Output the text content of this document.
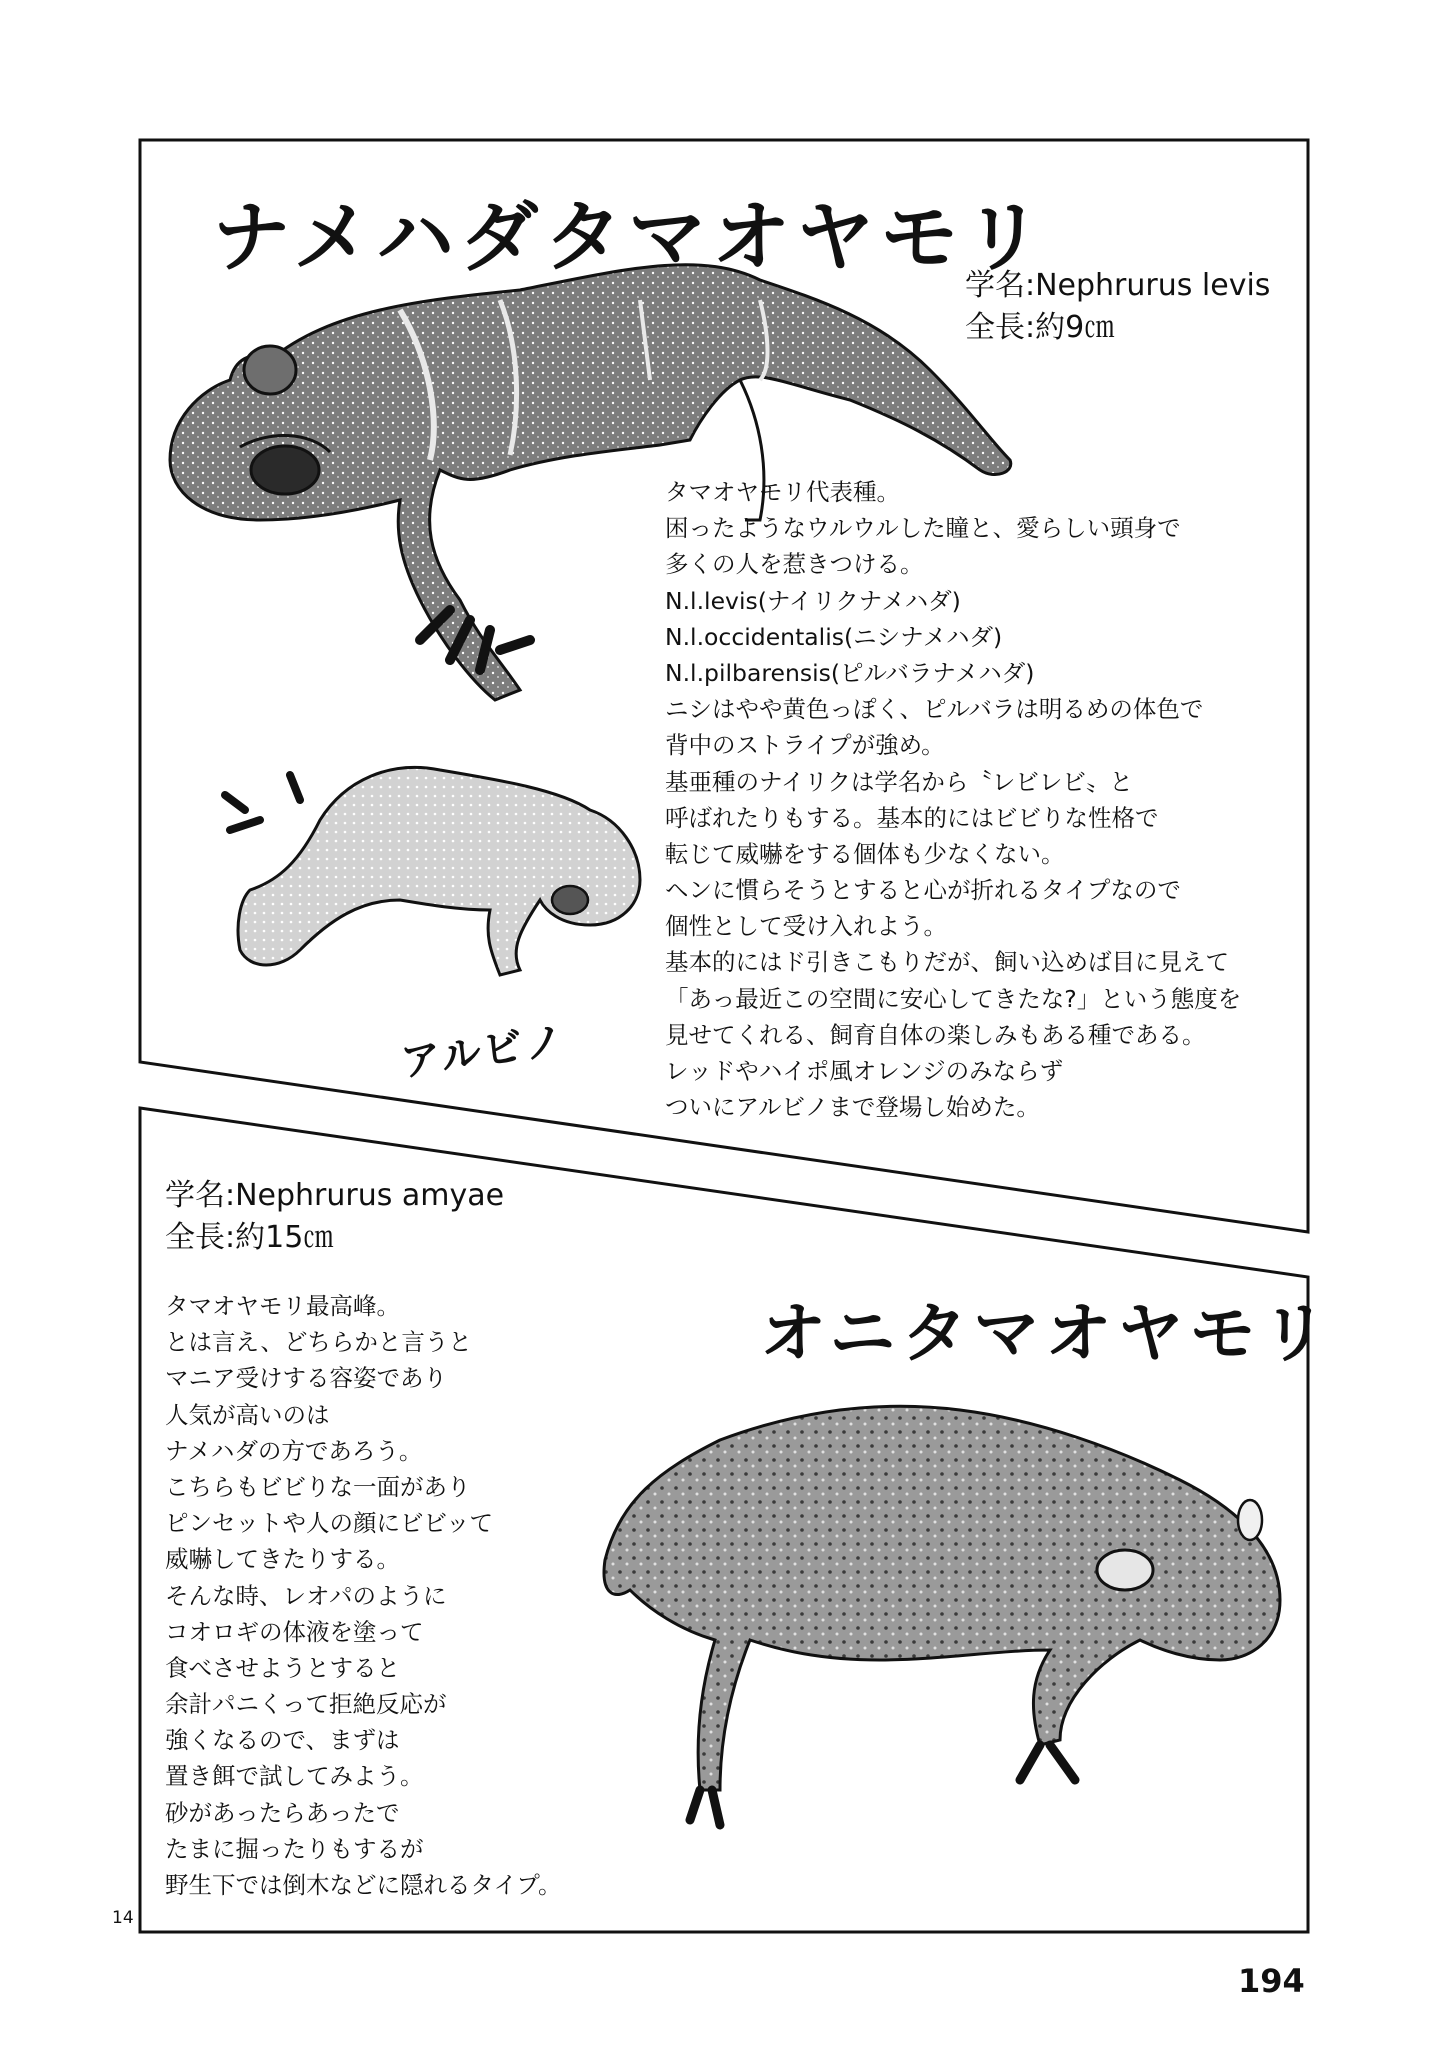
ナメハダタマオヤモリ
学名:Nephrurus levis
全長:約9㎝
タマオヤモリ代表種。
困ったようなウルウルした瞳と、愛らしい頭身で
多くの人を惹きつける。
N.l.levis(ナイリクナメハダ)
N.l.occidentalis(ニシナメハダ)
N.l.pilbarensis(ピルバラナメハダ)
ニシはやや黄色っぽく、ピルバラは明るめの体色で
背中のストライプが強め。
基亜種のナイリクは学名から〝レビレビ〟と
呼ばれたりもする。基本的にはビビりな性格で
転じて威嚇をする個体も少なくない。
ヘンに慣らそうとすると心が折れるタイプなので
個性として受け入れよう。
基本的にはド引きこもりだが、飼い込めば目に見えて
「あっ最近この空間に安心してきたな?」という態度を
見せてくれる、飼育自体の楽しみもある種である。
レッドやハイポ風オレンジのみならず
ついにアルビノまで登場し始めた。
アルビノ
学名:Nephrurus amyae
全長:約15㎝
オニタマオヤモリ
タマオヤモリ最高峰。
とは言え、どちらかと言うと
マニア受けする容姿であり
人気が高いのは
ナメハダの方であろう。
こちらもビビりな一面があり
ピンセットや人の顔にビビッて
威嚇してきたりする。
そんな時、レオパのように
コオロギの体液を塗って
食べさせようとすると
余計パニくって拒絶反応が
強くなるので、まずは
置き餌で試してみよう。
砂があったらあったで
たまに掘ったりもするが
野生下では倒木などに隠れるタイプ。
14
194
